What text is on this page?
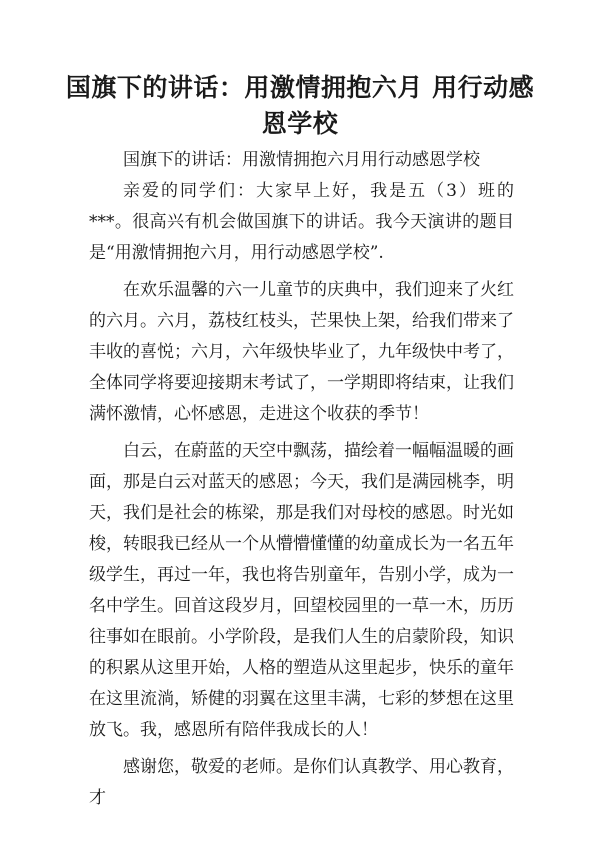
国旗下的讲话：用激情拥抱六月 用行动感恩学校

国旗下的讲话：用激情拥抱六月用行动感恩学校

亲爱的同学们：大家早上好，我是五（3）班的***。很高兴有机会做国旗下的讲话。我今天演讲的题目是“用激情拥抱六月，用行动感恩学校”.

在欢乐温馨的六一儿童节的庆典中，我们迎来了火红的六月。六月，荔枝红枝头，芒果快上架，给我们带来了丰收的喜悦；六月，六年级快毕业了，九年级快中考了，全体同学将要迎接期末考试了，一学期即将结束，让我们满怀激情，心怀感恩，走进这个收获的季节！

白云，在蔚蓝的天空中飘荡，描绘着一幅幅温暖的画面，那是白云对蓝天的感恩；今天，我们是满园桃李，明天，我们是社会的栋梁，那是我们对母校的感恩。时光如梭，转眼我已经从一个从懵懵懂懂的幼童成长为一名五年级学生，再过一年，我也将告别童年，告别小学，成为一名中学生。回首这段岁月，回望校园里的一草一木，历历往事如在眼前。小学阶段，是我们人生的启蒙阶段，知识的积累从这里开始，人格的塑造从这里起步，快乐的童年在这里流淌，矫健的羽翼在这里丰满，七彩的梦想在这里放飞。我，感恩所有陪伴我成长的人！

感谢您，敬爱的老师。是你们认真教学、用心教育，才
